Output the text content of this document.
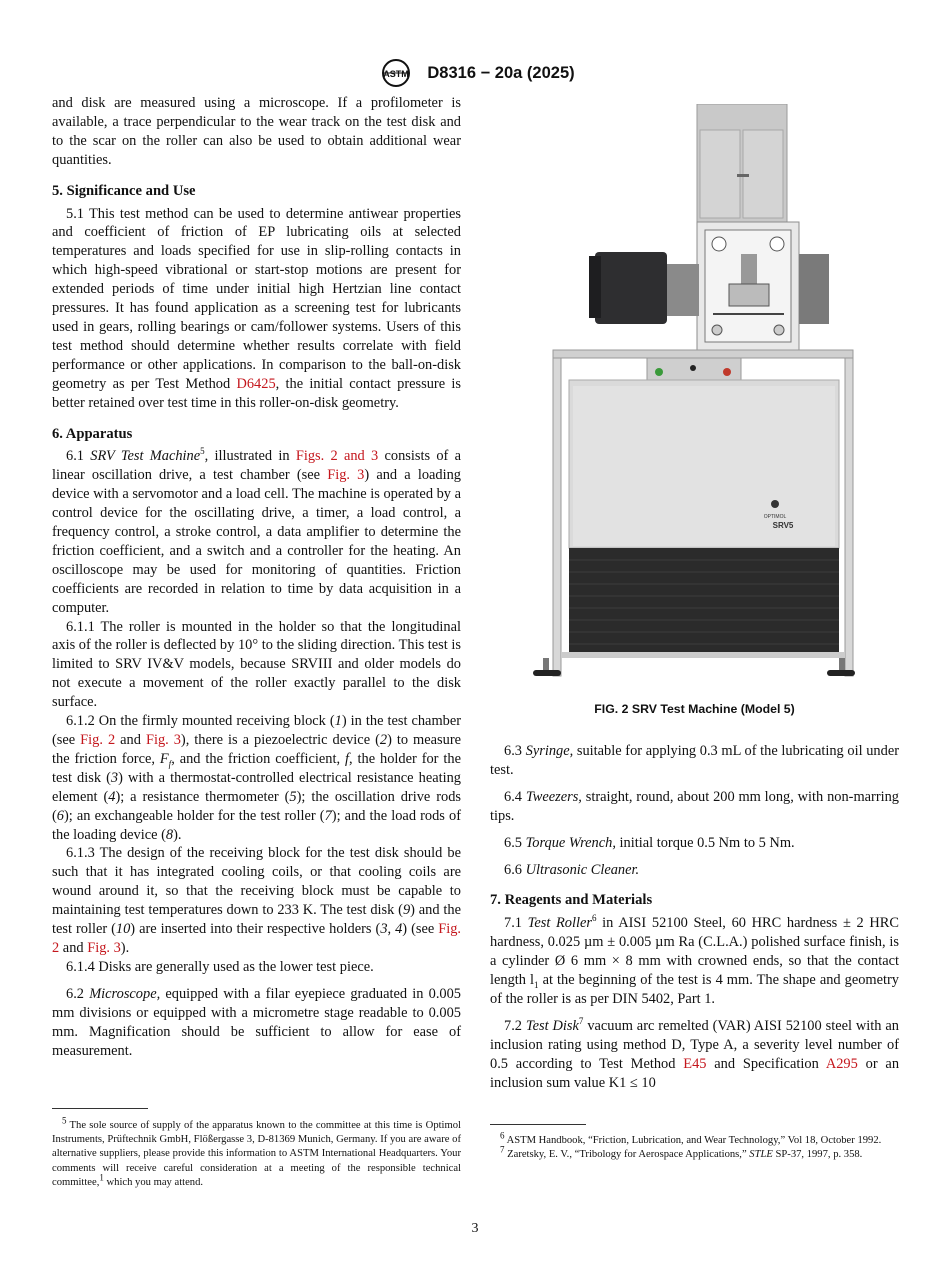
ASTM D8316 − 20a (2025)

and disk are measured using a microscope. If a profilometer is available, a trace perpendicular to the wear track on the test disk and to the scar on the roller can also be used to obtain additional wear quantities.

5. Significance and Use

5.1 This test method can be used to determine antiwear properties and coefficient of friction of EP lubricating oils at selected temperatures and loads specified for use in slip-rolling contacts in which high-speed vibrational or start-stop motions are present for extended periods of time under initial high Hertzian line contact pressures. It has found application as a screening test for lubricants used in gears, rolling bearings or cam/follower systems. Users of this test method should determine whether results correlate with field performance or other applications. In comparison to the ball-on-disk geometry as per Test Method D6425, the initial contact pressure is better retained over test time in this roller-on-disk geometry.

6. Apparatus

6.1 SRV Test Machine$^5$, illustrated in Figs. 2 and 3 consists of a linear oscillation drive, a test chamber (see Fig. 3) and a loading device with a servomotor and a load cell. The machine is operated by a control device for the oscillating drive, a timer, a load control, a frequency control, a stroke control, a data amplifier to determine the friction coefficient, and a switch and a controller for the heating. An oscilloscope may be used for monitoring of quantities. Friction coefficients are recorded in relation to time by data acquisition in a computer.

6.1.1 The roller is mounted in the holder so that the longitudinal axis of the roller is deflected by 10° to the sliding direction. This test is limited to SRV IV&V models, because SRVIII and older models do not execute a movement of the roller exactly parallel to the disk surface.

6.1.2 On the firmly mounted receiving block (1) in the test chamber (see Fig. 2 and Fig. 3), there is a piezoelectric device (2) to measure the friction force, $F_f$, and the friction coefficient, f, the holder for the test disk (3) with a thermostat-controlled electrical resistance heating element (4); a resistance thermometer (5); the oscillation drive rods (6); an exchangeable holder for the test roller (7); and the load rods of the loading device (8).

6.1.3 The design of the receiving block for the test disk should be such that it has integrated cooling coils, or that cooling coils are wound around it, so that the receiving block must be capable to maintaining test temperatures down to 233 K. The test disk (9) and the test roller (10) are inserted into their respective holders (3, 4) (see Fig. 2 and Fig. 3).

6.1.4 Disks are generally used as the lower test piece.

6.2 Microscope, equipped with a filar eyepiece graduated in 0.005 mm divisions or equipped with a micrometre stage readable to 0.005 mm. Magnification should be sufficient to allow for ease of measurement.

$^5$ The sole source of supply of the apparatus known to the committee at this time is Optimol Instruments, Prüftechnik GmbH, Flößergasse 3, D-81369 Munich, Germany. If you are aware of alternative suppliers, please provide this information to ASTM International Headquarters. Your comments will receive careful consideration at a meeting of the responsible technical committee,$^1$ which you may attend.

OPTIMOL
SRV5
FIG. 2 SRV Test Machine (Model 5)

6.3 Syringe, suitable for applying 0.3 mL of the lubricating oil under test.

6.4 Tweezers, straight, round, about 200 mm long, with non-marring tips.

6.5 Torque Wrench, initial torque 0.5 Nm to 5 Nm.

6.6 Ultrasonic Cleaner.

7. Reagents and Materials

7.1 Test Roller$^6$ in AISI 52100 Steel, 60 HRC hardness ± 2 HRC hardness, 0.025 µm ± 0.005 µm Ra (C.L.A.) polished surface finish, is a cylinder Ø 6 mm × 8 mm with crowned ends, so that the contact length $l_1$ at the beginning of the test is 4 mm. The shape and geometry of the roller is as per DIN 5402, Part 1.

7.2 Test Disk$^7$ vacuum arc remelted (VAR) AISI 52100 steel with an inclusion rating using method D, Type A, a severity level number of 0.5 according to Test Method E45 and Specification A295 or an inclusion sum value K1 ≤ 10

$^6$ ASTM Handbook, “Friction, Lubrication, and Wear Technology,” Vol 18, October 1992.

$^7$ Zaretsky, E. V., “Tribology for Aerospace Applications,” STLE SP-37, 1997, p. 358.

3
